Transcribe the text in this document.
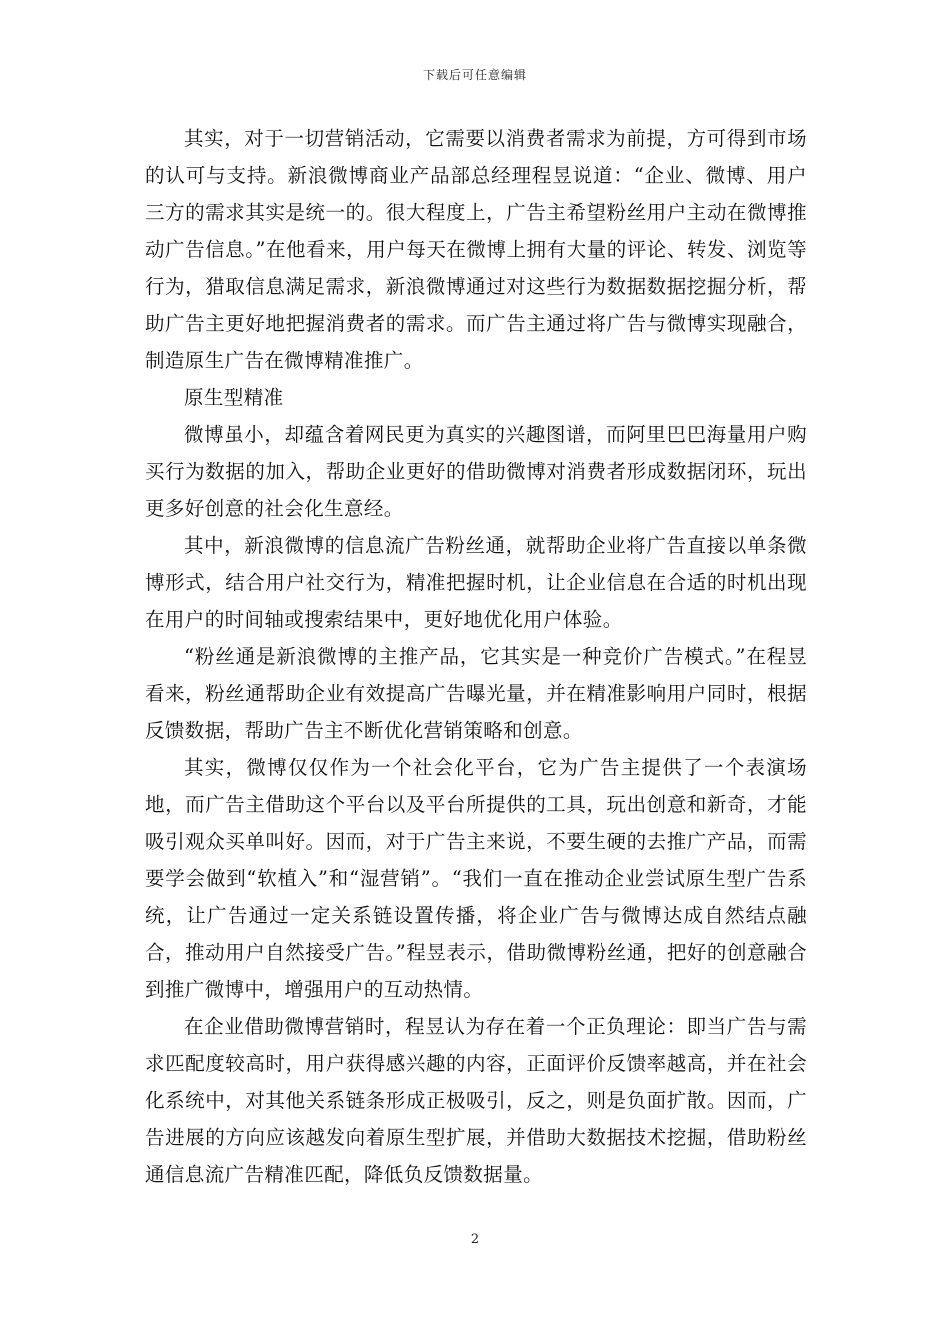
下载后可任意编辑

其实，对于一切营销活动，它需要以消费者需求为前提，方可得到市场的认可与支持。新浪微博商业产品部总经理程昱说道：“企业、微博、用户三方的需求其实是统一的。很大程度上，广告主希望粉丝用户主动在微博推动广告信息。”在他看来，用户每天在微博上拥有大量的评论、转发、浏览等行为，猎取信息满足需求，新浪微博通过对这些行为数据数据挖掘分析，帮助广告主更好地把握消费者的需求。而广告主通过将广告与微博实现融合，制造原生广告在微博精准推广。

原生型精准

微博虽小，却蕴含着网民更为真实的兴趣图谱，而阿里巴巴海量用户购买行为数据的加入，帮助企业更好的借助微博对消费者形成数据闭环，玩出更多好创意的社会化生意经。

其中，新浪微博的信息流广告粉丝通，就帮助企业将广告直接以单条微博形式，结合用户社交行为，精准把握时机，让企业信息在合适的时机出现在用户的时间轴或搜索结果中，更好地优化用户体验。

“粉丝通是新浪微博的主推产品，它其实是一种竞价广告模式。”在程昱看来，粉丝通帮助企业有效提高广告曝光量，并在精准影响用户同时，根据反馈数据，帮助广告主不断优化营销策略和创意。

其实，微博仅仅作为一个社会化平台，它为广告主提供了一个表演场地，而广告主借助这个平台以及平台所提供的工具，玩出创意和新奇，才能吸引观众买单叫好。因而，对于广告主来说，不要生硬的去推广产品，而需要学会做到“软植入”和“湿营销”。“我们一直在推动企业尝试原生型广告系统，让广告通过一定关系链设置传播，将企业广告与微博达成自然结点融合，推动用户自然接受广告。”程昱表示，借助微博粉丝通，把好的创意融合到推广微博中，增强用户的互动热情。

在企业借助微博营销时，程昱认为存在着一个正负理论：即当广告与需求匹配度较高时，用户获得感兴趣的内容，正面评价反馈率越高，并在社会化系统中，对其他关系链条形成正极吸引，反之，则是负面扩散。因而，广告进展的方向应该越发向着原生型扩展，并借助大数据技术挖掘，借助粉丝通信息流广告精准匹配，降低负反馈数据量。

2
